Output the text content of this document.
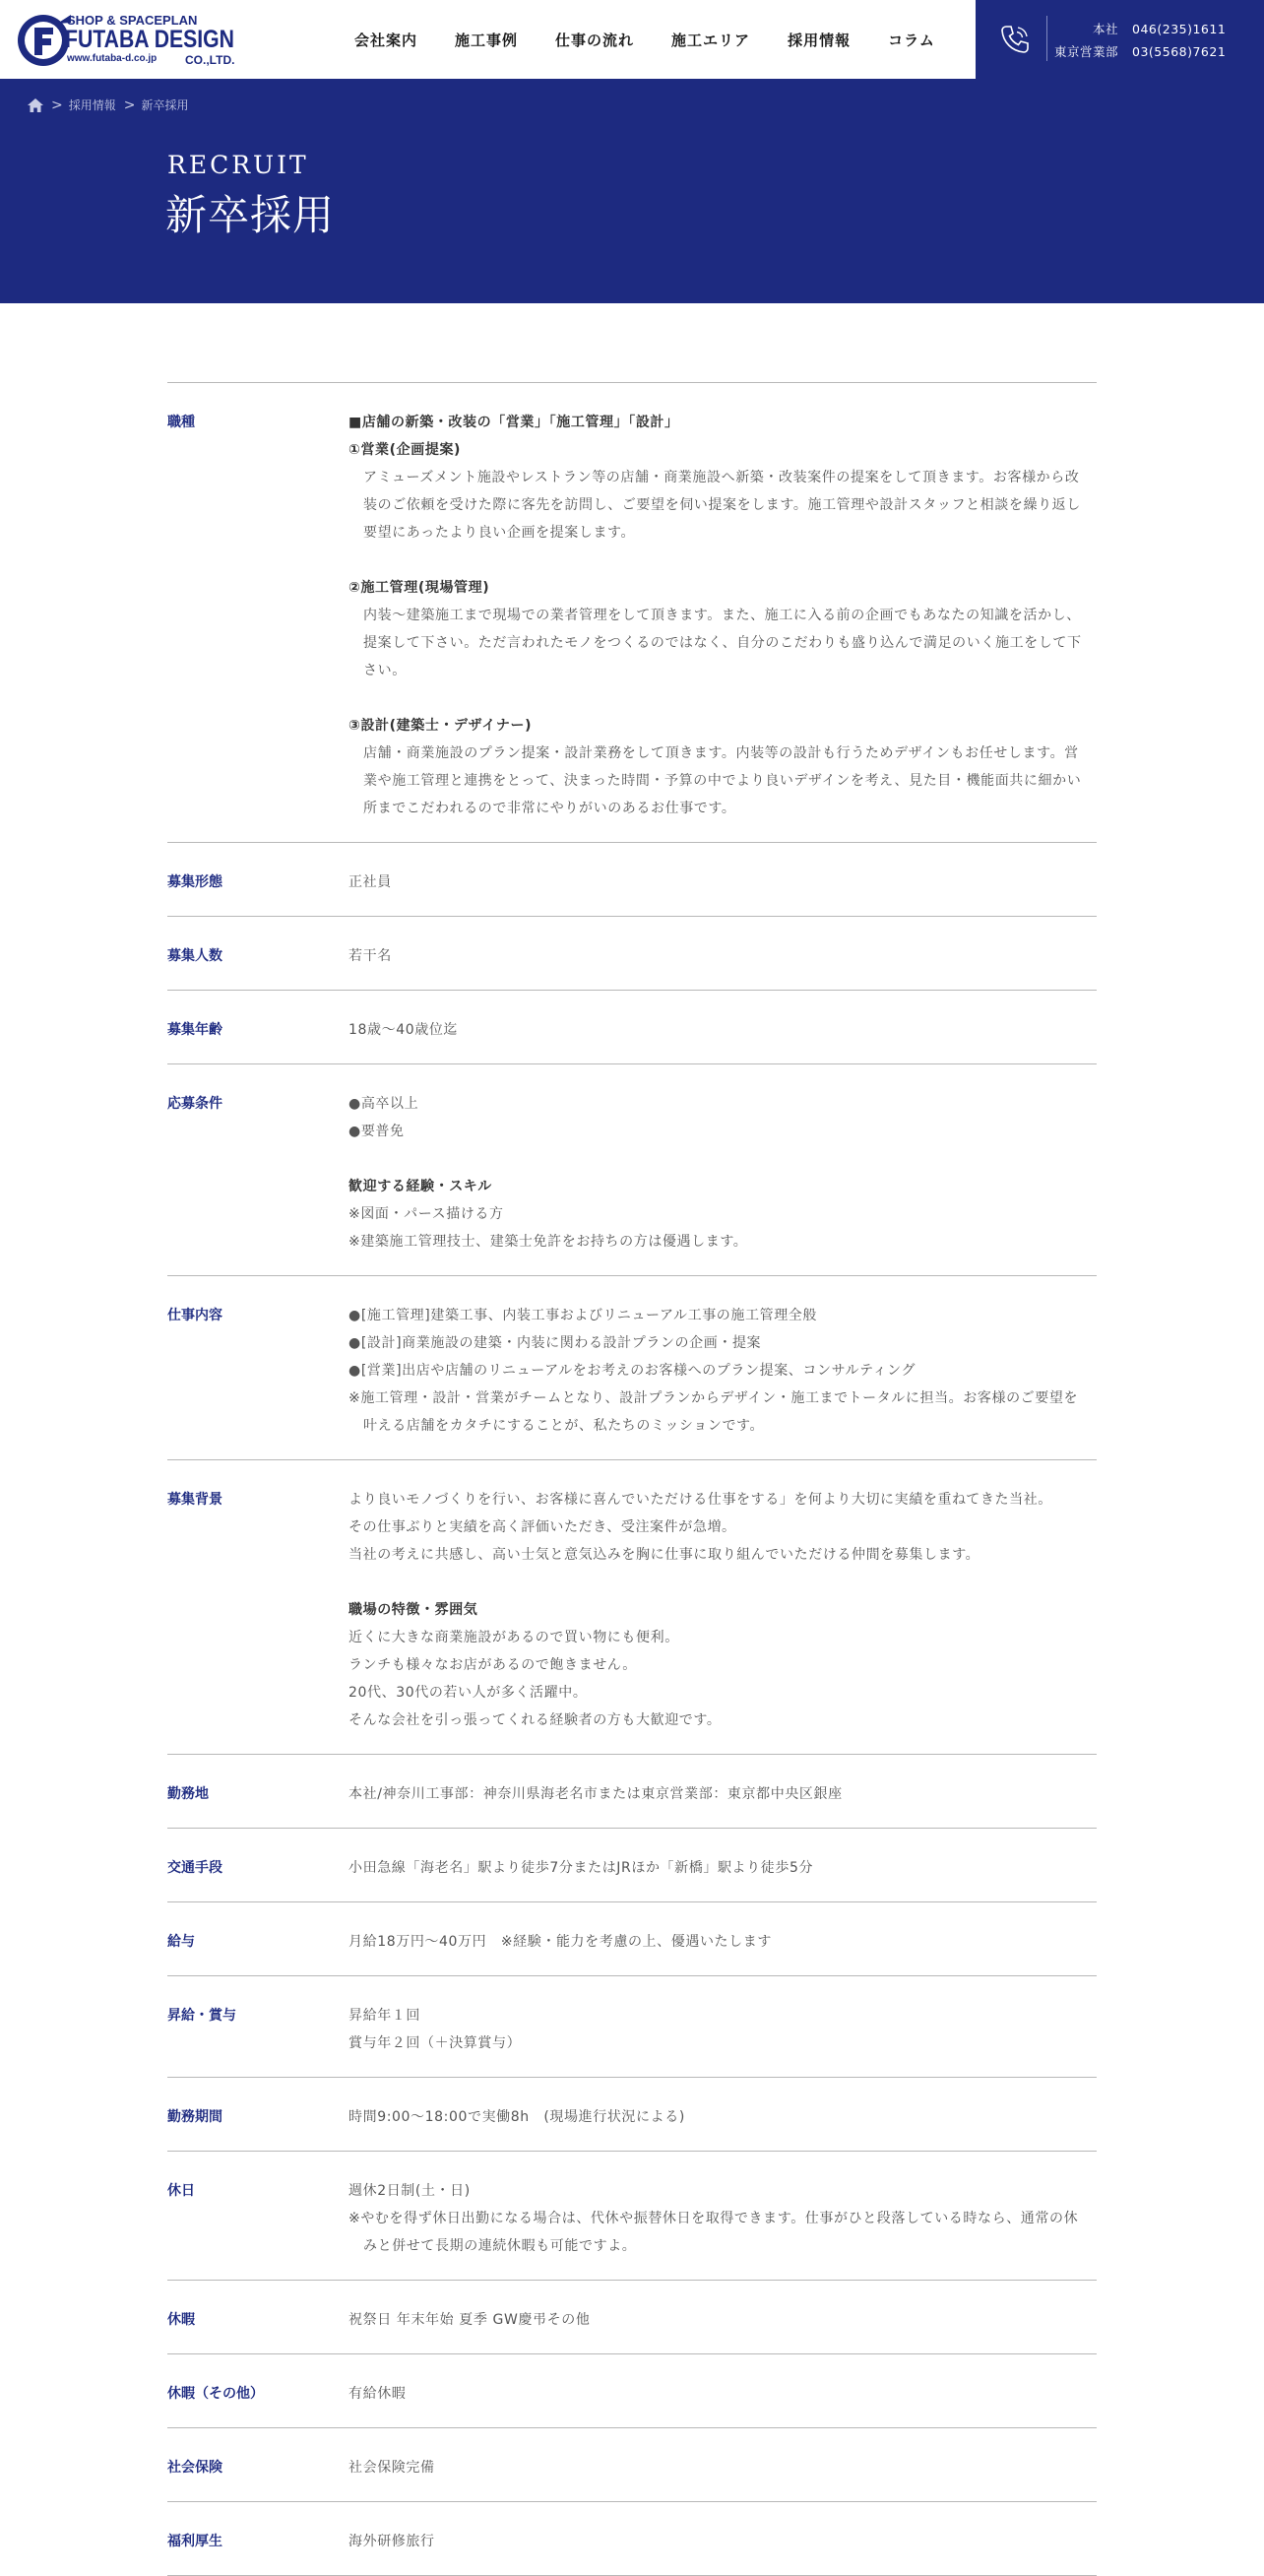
SHOP & SPACEPLAN
FUTABA DESIGN
www.futaba-d.co.jp CO.,LTD.
会社案内	施工事例	仕事の流れ	施工エリア	採用情報	コラム
本社 046(235)1611
東京営業部 03(5568)7621
> 採用情報 > 新卒採用
RECRUIT
新卒採用
職種	■店舗の新築・改装の「営業」「施工管理」「設計」
①営業(企画提案)
アミューズメント施設やレストラン等の店舗・商業施設へ新築・改装案件の提案をして頂きます。お客様から改
装のご依頼を受けた際に客先を訪問し、ご要望を伺い提案をします。施工管理や設計スタッフと相談を繰り返し
要望にあったより良い企画を提案します。
②施工管理(現場管理)
内装〜建築施工まで現場での業者管理をして頂きます。また、施工に入る前の企画でもあなたの知識を活かし、
提案して下さい。ただ言われたモノをつくるのではなく、自分のこだわりも盛り込んで満足のいく施工をして下
さい。
③設計(建築士・デザイナー)
店舗・商業施設のプラン提案・設計業務をして頂きます。内装等の設計も行うためデザインもお任せします。営
業や施工管理と連携をとって、決まった時間・予算の中でより良いデザインを考え、見た目・機能面共に細かい
所までこだわれるので非常にやりがいのあるお仕事です。
募集形態	正社員
募集人数	若干名
募集年齢	18歳〜40歳位迄
応募条件	●高卒以上
●要普免
歓迎する経験・スキル
※図面・パース描ける方
※建築施工管理技士、建築士免許をお持ちの方は優遇します。
仕事内容	●[施工管理]建築工事、内装工事およびリニューアル工事の施工管理全般
●[設計]商業施設の建築・内装に関わる設計プランの企画・提案
●[営業]出店や店舗のリニューアルをお考えのお客様へのプラン提案、コンサルティング
※施工管理・設計・営業がチームとなり、設計プランからデザイン・施工までトータルに担当。お客様のご要望を
叶える店舗をカタチにすることが、私たちのミッションです。
募集背景	より良いモノづくりを行い、お客様に喜んでいただける仕事をする」を何より大切に実績を重ねてきた当社。
その仕事ぶりと実績を高く評価いただき、受注案件が急増。
当社の考えに共感し、高い士気と意気込みを胸に仕事に取り組んでいただける仲間を募集します。
職場の特徴・雰囲気
近くに大きな商業施設があるので買い物にも便利。
ランチも様々なお店があるので飽きません。
20代、30代の若い人が多く活躍中。
そんな会社を引っ張ってくれる経験者の方も大歓迎です。
勤務地	本社/神奈川工事部：神奈川県海老名市または東京営業部：東京都中央区銀座
交通手段	小田急線「海老名」駅より徒歩7分またはJRほか「新橋」駅より徒歩5分
給与	月給18万円〜40万円　※経験・能力を考慮の上、優遇いたします
昇給・賞与	昇給年１回
賞与年２回（＋決算賞与）
勤務期間	時間9:00〜18:00で実働8h　(現場進行状況による)
休日	週休2日制(土・日)
※やむを得ず休日出勤になる場合は、代休や振替休日を取得できます。仕事がひと段落している時なら、通常の休
みと併せて長期の連続休暇も可能ですよ。
休暇	祝祭日 年末年始 夏季 GW慶弔その他
休暇（その他）	有給休暇
社会保険	社会保険完備
福利厚生	海外研修旅行
